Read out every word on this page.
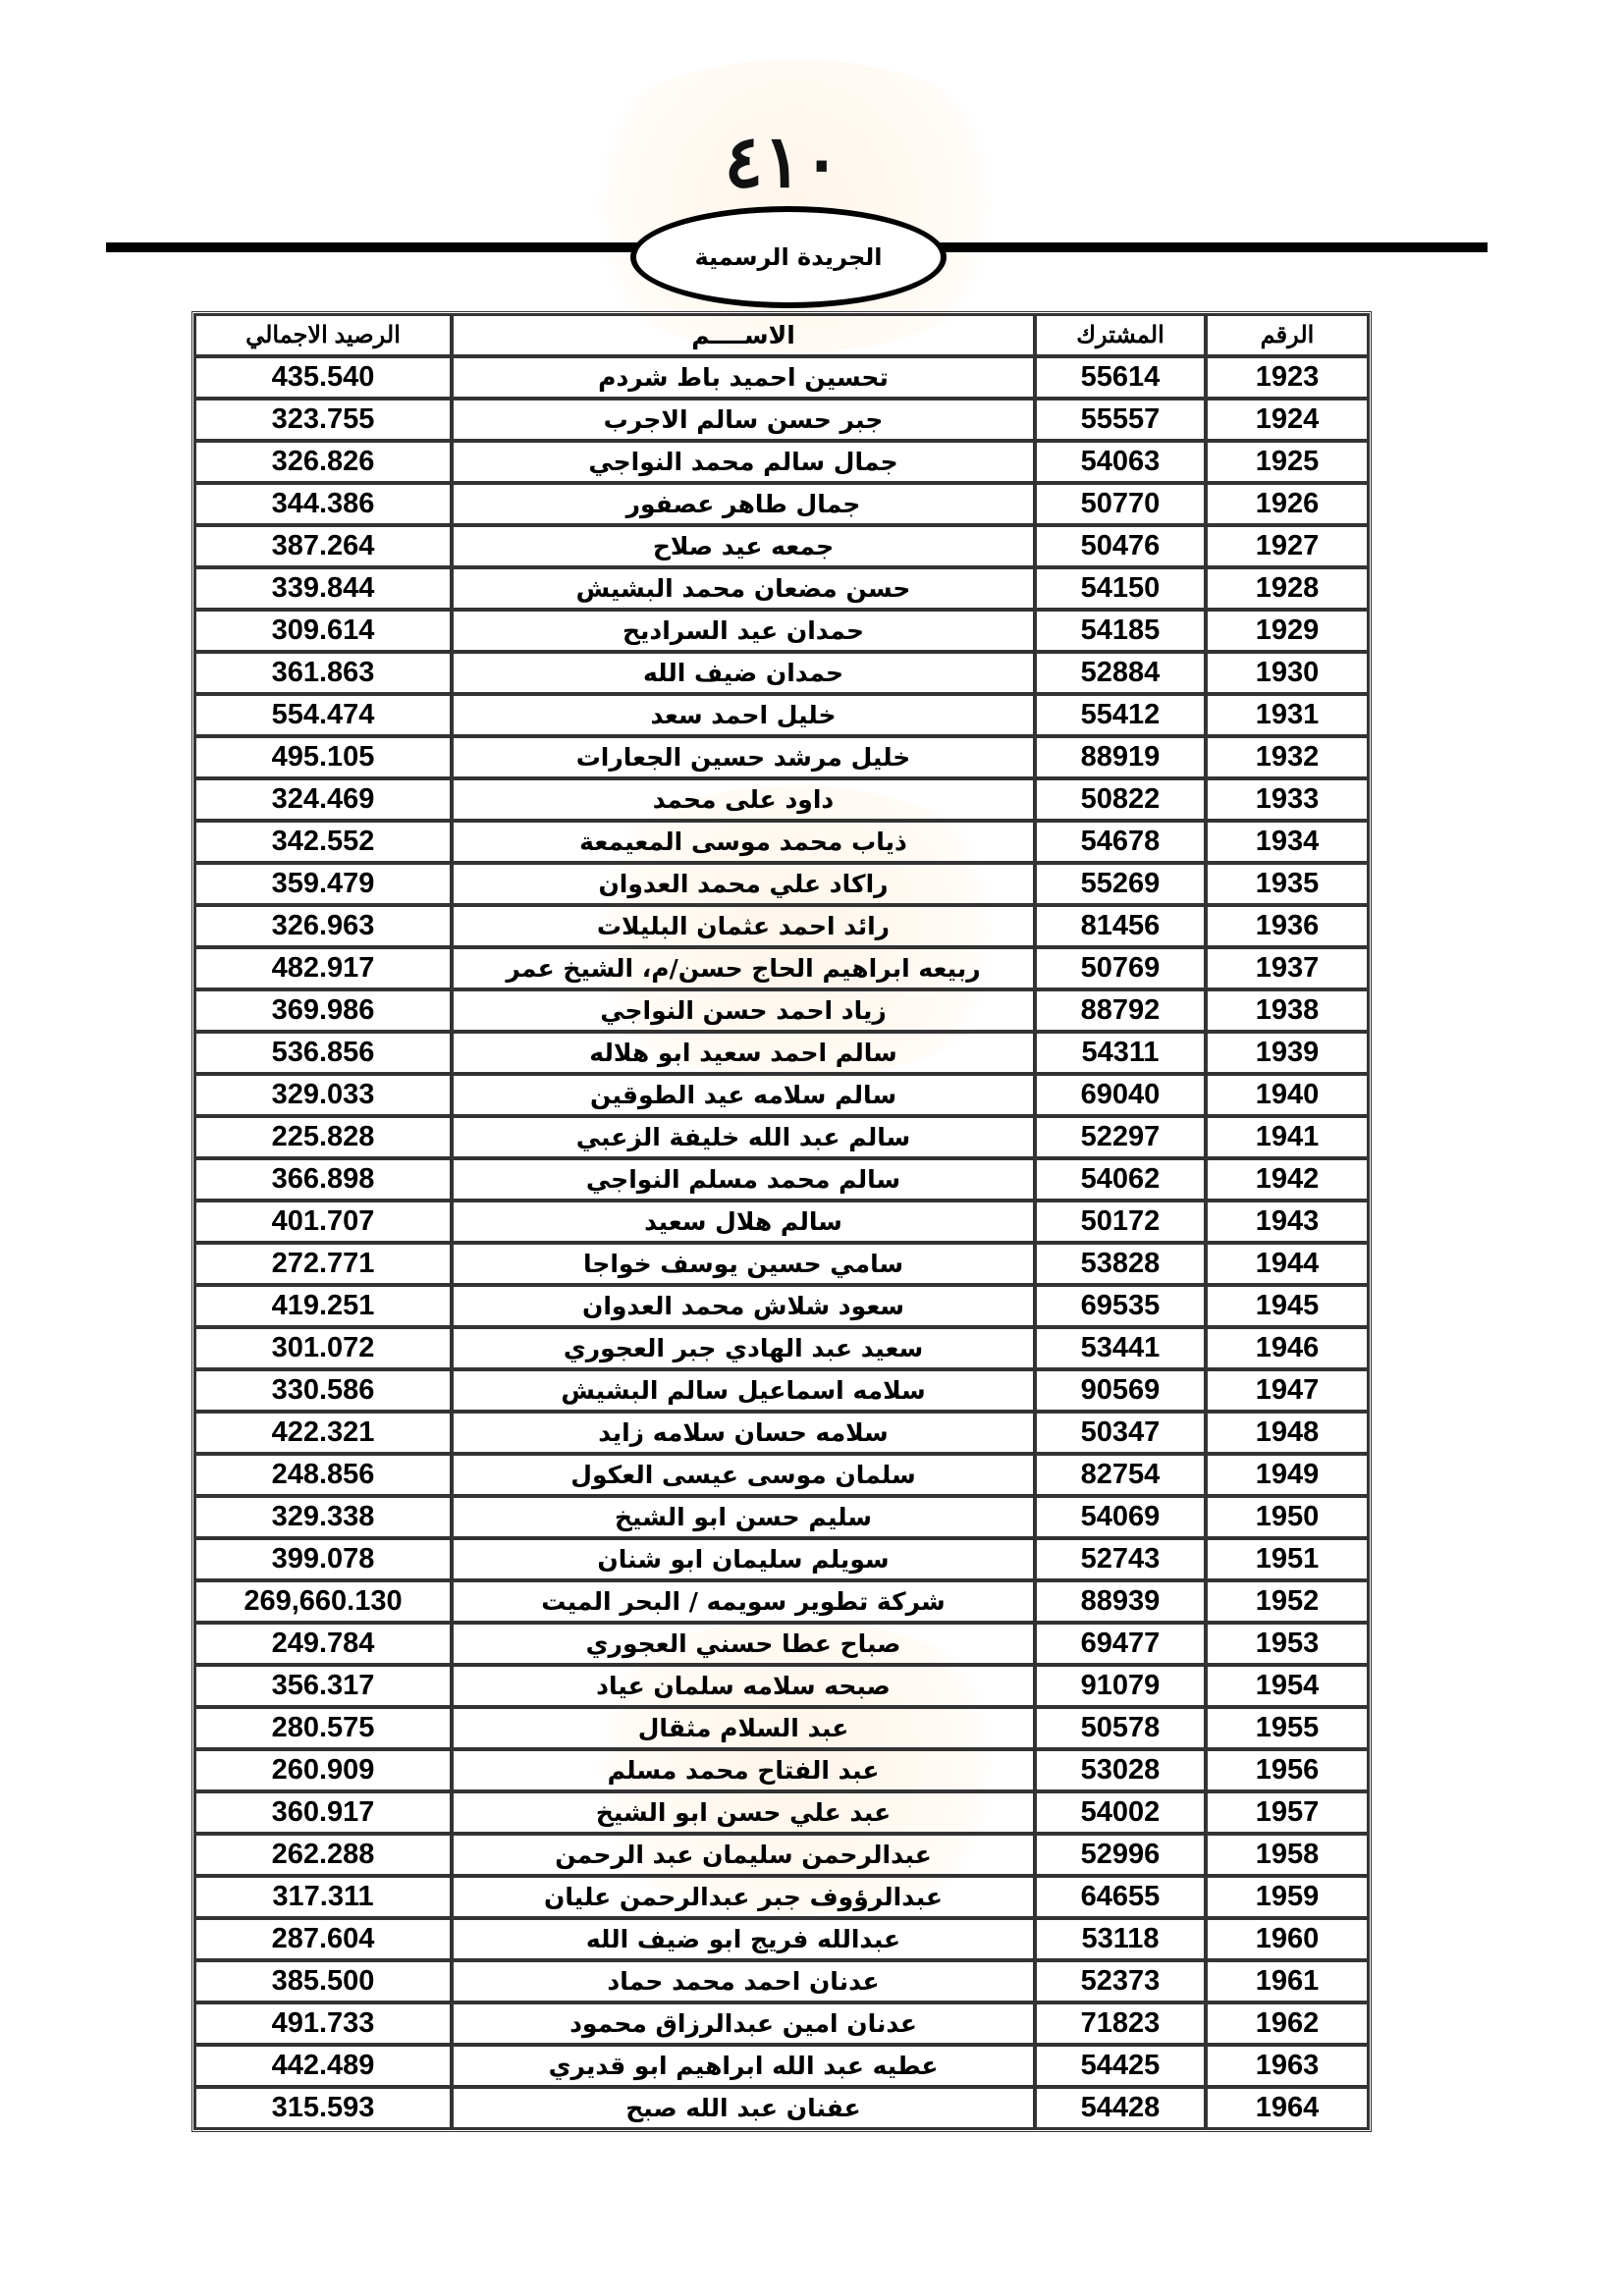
٤١٠
الجريدة الرسمية
الرقم	المشترك	الاســــم	الرصيد الاجمالي
1923	55614	تحسين احميد باط شردم	435.540
1924	55557	جبر حسن سالم الاجرب	323.755
1925	54063	جمال سالم محمد النواجي	326.826
1926	50770	جمال طاهر عصفور	344.386
1927	50476	جمعه عيد صلاح	387.264
1928	54150	حسن مضعان محمد البشيش	339.844
1929	54185	حمدان عيد السراديح	309.614
1930	52884	حمدان ضيف الله	361.863
1931	55412	خليل احمد سعد	554.474
1932	88919	خليل مرشد حسين الجعارات	495.105
1933	50822	داود على محمد	324.469
1934	54678	ذياب محمد موسى المعيمعة	342.552
1935	55269	راكاد علي محمد العدوان	359.479
1936	81456	رائد احمد عثمان البليلات	326.963
1937	50769	ربيعه ابراهيم الحاج حسن/م، الشيخ عمر	482.917
1938	88792	زياد احمد حسن النواجي	369.986
1939	54311	سالم احمد سعيد ابو هلاله	536.856
1940	69040	سالم سلامه عيد الطوقين	329.033
1941	52297	سالم عبد الله خليفة الزعبي	225.828
1942	54062	سالم محمد مسلم النواجي	366.898
1943	50172	سالم هلال سعيد	401.707
1944	53828	سامي حسين يوسف خواجا	272.771
1945	69535	سعود شلاش محمد العدوان	419.251
1946	53441	سعيد عبد الهادي جبر العجوري	301.072
1947	90569	سلامه اسماعيل سالم البشيش	330.586
1948	50347	سلامه حسان سلامه زايد	422.321
1949	82754	سلمان موسى عيسى العكول	248.856
1950	54069	سليم حسن ابو الشيخ	329.338
1951	52743	سويلم سليمان ابو شنان	399.078
1952	88939	شركة تطوير سويمه / البحر الميت	269,660.130
1953	69477	صباح عطا حسني العجوري	249.784
1954	91079	صبحه سلامه سلمان عياد	356.317
1955	50578	عبد السلام مثقال	280.575
1956	53028	عبد الفتاح محمد مسلم	260.909
1957	54002	عبد علي حسن ابو الشيخ	360.917
1958	52996	عبدالرحمن سليمان عبد الرحمن	262.288
1959	64655	عبدالرؤوف جبر عبدالرحمن عليان	317.311
1960	53118	عبدالله فريج ابو ضيف الله	287.604
1961	52373	عدنان احمد محمد حماد	385.500
1962	71823	عدنان امين عبدالرزاق محمود	491.733
1963	54425	عطيه عبد الله ابراهيم ابو قديري	442.489
1964	54428	عفنان عبد الله صبح	315.593
